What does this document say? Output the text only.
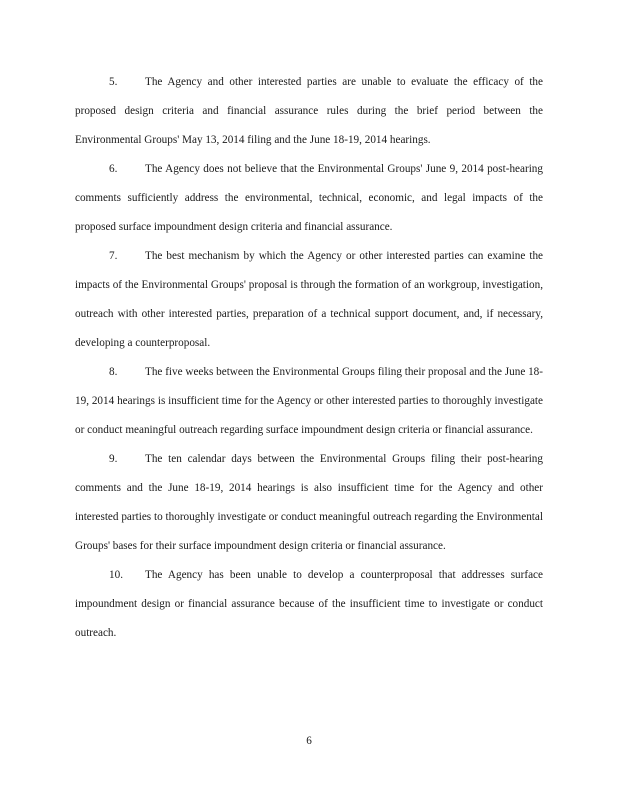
5. The Agency and other interested parties are unable to evaluate the efficacy of the proposed design criteria and financial assurance rules during the brief period between the Environmental Groups' May 13, 2014 filing and the June 18-19, 2014 hearings.

6. The Agency does not believe that the Environmental Groups' June 9, 2014 post-hearing comments sufficiently address the environmental, technical, economic, and legal impacts of the proposed surface impoundment design criteria and financial assurance.

7. The best mechanism by which the Agency or other interested parties can examine the impacts of the Environmental Groups' proposal is through the formation of an workgroup, investigation, outreach with other interested parties, preparation of a technical support document, and, if necessary, developing a counterproposal.

8. The five weeks between the Environmental Groups filing their proposal and the June 18-19, 2014 hearings is insufficient time for the Agency or other interested parties to thoroughly investigate or conduct meaningful outreach regarding surface impoundment design criteria or financial assurance.

9. The ten calendar days between the Environmental Groups filing their post-hearing comments and the June 18-19, 2014 hearings is also insufficient time for the Agency and other interested parties to thoroughly investigate or conduct meaningful outreach regarding the Environmental Groups' bases for their surface impoundment design criteria or financial assurance.

10. The Agency has been unable to develop a counterproposal that addresses surface impoundment design or financial assurance because of the insufficient time to investigate or conduct outreach.

6
